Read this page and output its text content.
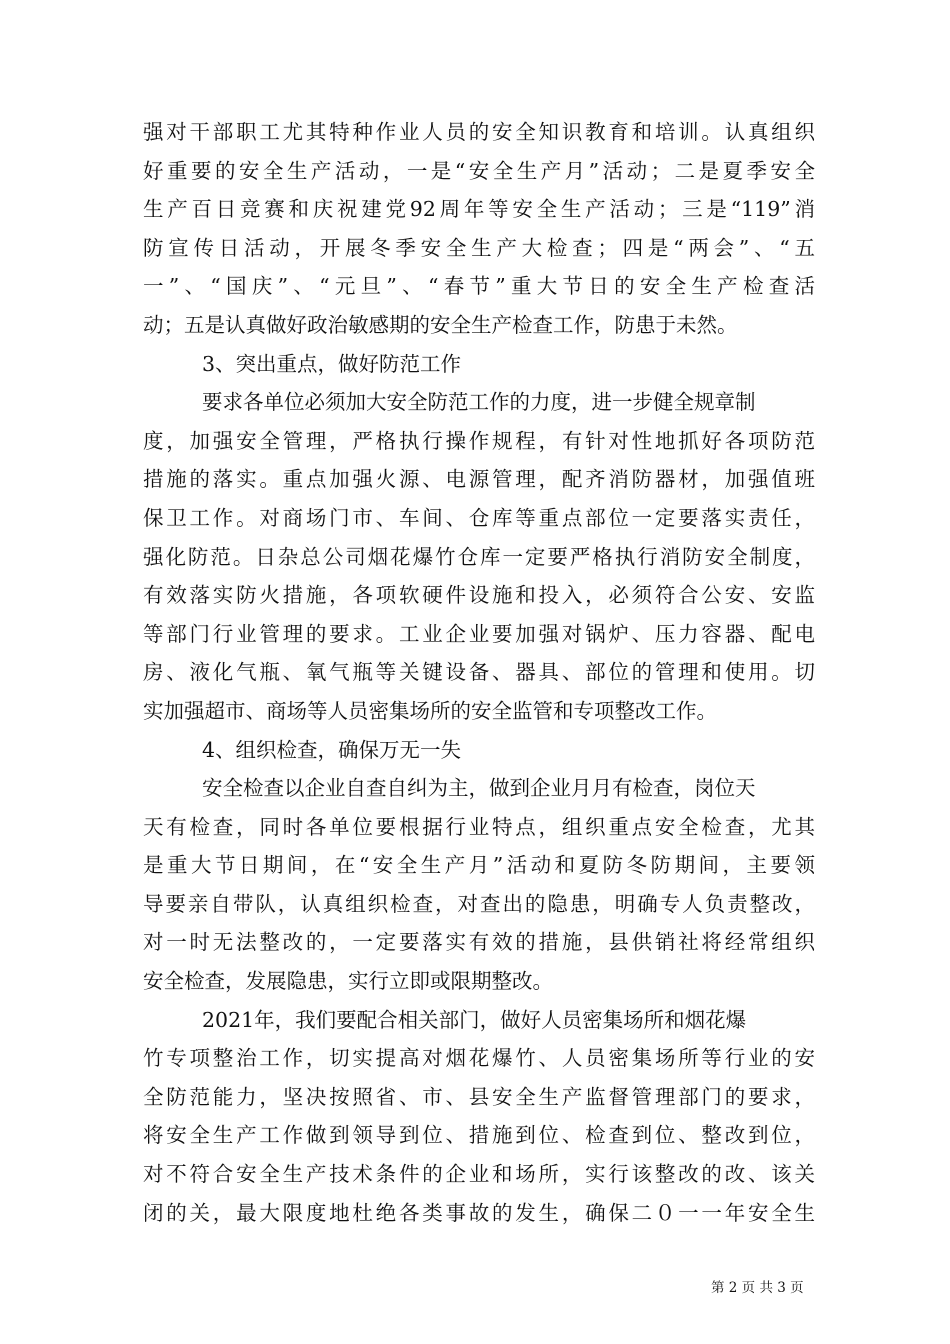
强对干部职工尤其特种作业人员的安全知识教育和培训。认真组织
好重要的安全生产活动，一是“安全生产月”活动；二是夏季安全
生产百日竞赛和庆祝建党92周年等安全生产活动；三是“119”消
防宣传日活动，开展冬季安全生产大检查；四是“两会”、“五
一”、“国庆”、“元旦”、“春节”重大节日的安全生产检查活
动；五是认真做好政治敏感期的安全生产检查工作，防患于未然。
3、突出重点，做好防范工作
要求各单位必须加大安全防范工作的力度，进一步健全规章制
度，加强安全管理，严格执行操作规程，有针对性地抓好各项防范
措施的落实。重点加强火源、电源管理，配齐消防器材，加强值班
保卫工作。对商场门市、车间、仓库等重点部位一定要落实责任，
强化防范。日杂总公司烟花爆竹仓库一定要严格执行消防安全制度，
有效落实防火措施，各项软硬件设施和投入，必须符合公安、安监
等部门行业管理的要求。工业企业要加强对锅炉、压力容器、配电
房、液化气瓶、氧气瓶等关键设备、器具、部位的管理和使用。切
实加强超市、商场等人员密集场所的安全监管和专项整改工作。
4、组织检查，确保万无一失
安全检查以企业自查自纠为主，做到企业月月有检查，岗位天
天有检查，同时各单位要根据行业特点，组织重点安全检查，尤其
是重大节日期间，在“安全生产月”活动和夏防冬防期间，主要领
导要亲自带队，认真组织检查，对查出的隐患，明确专人负责整改，
对一时无法整改的，一定要落实有效的措施，县供销社将经常组织
安全检查，发展隐患，实行立即或限期整改。
2021年，我们要配合相关部门，做好人员密集场所和烟花爆
竹专项整治工作，切实提高对烟花爆竹、人员密集场所等行业的安
全防范能力，坚决按照省、市、县安全生产监督管理部门的要求，
将安全生产工作做到领导到位、措施到位、检查到位、整改到位，
对不符合安全生产技术条件的企业和场所，实行该整改的改、该关
闭的关，最大限度地杜绝各类事故的发生，确保二０一一年安全生
第 2 页 共 3 页
